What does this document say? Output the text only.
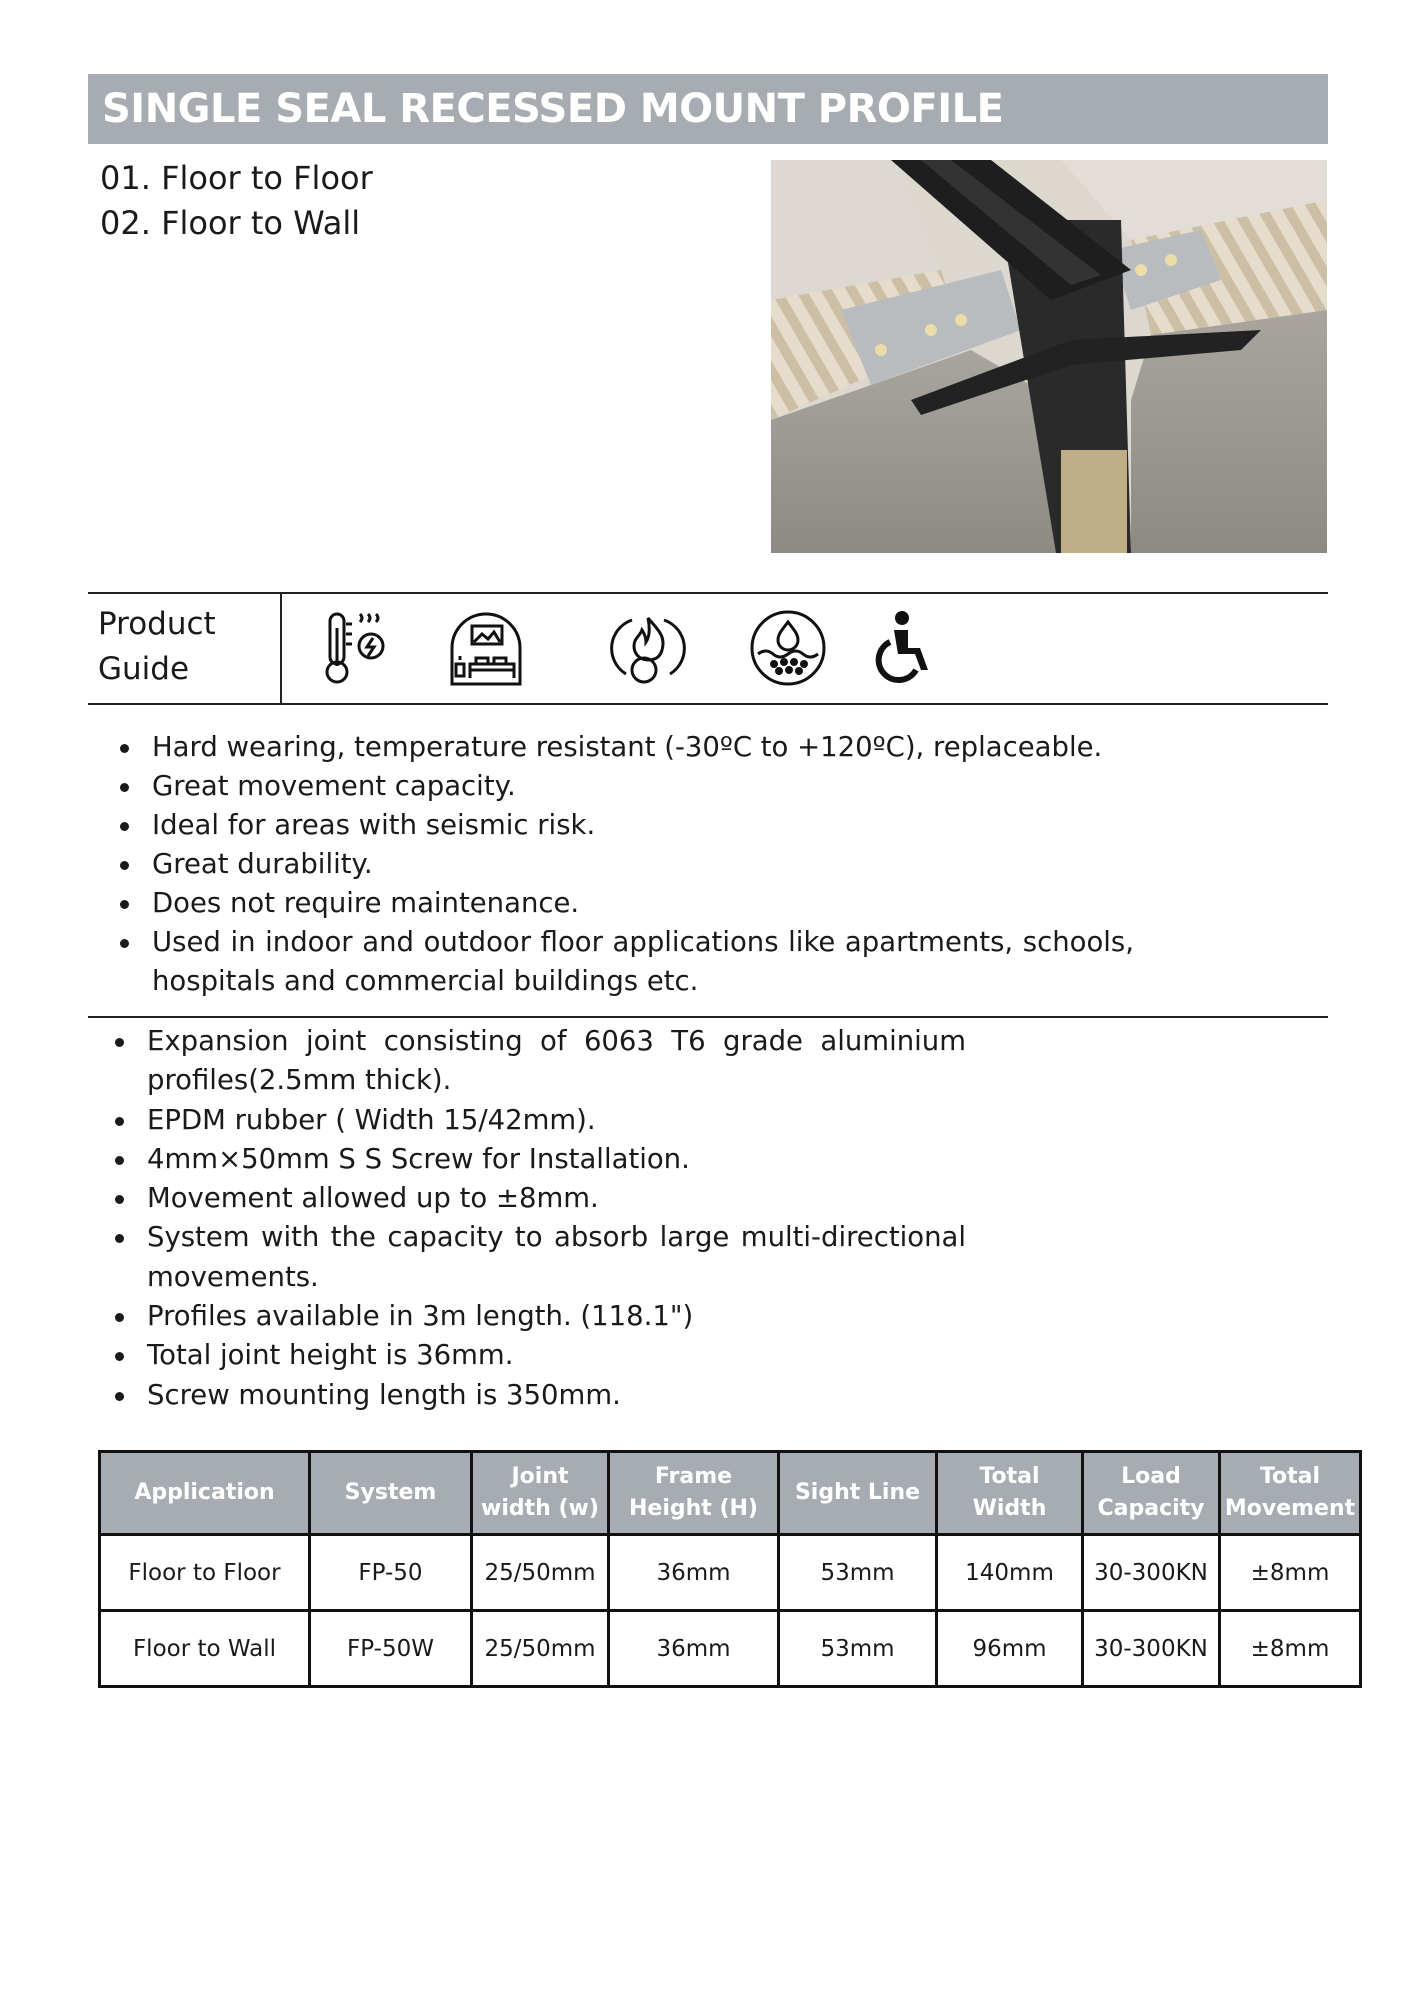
SINGLE SEAL RECESSED MOUNT PROFILE
01. Floor to Floor
02. Floor to Wall
Product
Guide
Hard wearing, temperature resistant (-30ºC to +120ºC), replaceable.
Great movement capacity.
Ideal for areas with seismic risk.
Great durability.
Does not require maintenance.
Used in indoor and outdoor floor applications like apartments, schools, hospitals and commercial buildings etc.
Expansion joint consisting of 6063 T6 grade aluminium profiles(2.5mm thick).
EPDM rubber ( Width 15/42mm).
4mm×50mm S S Screw for Installation.
Movement allowed up to ±8mm.
System with the capacity to absorb large multi-directional movements.
Profiles available in 3m length. (118.1")
Total joint height is 36mm.
Screw mounting length is 350mm.
Application	System	Joint width (w)	Frame Height (H)	Sight Line	Total Width	Load Capacity	Total Movement
Floor to Floor	FP-50	25/50mm	36mm	53mm	140mm	30-300KN	±8mm
Floor to Wall	FP-50W	25/50mm	36mm	53mm	96mm	30-300KN	±8mm
